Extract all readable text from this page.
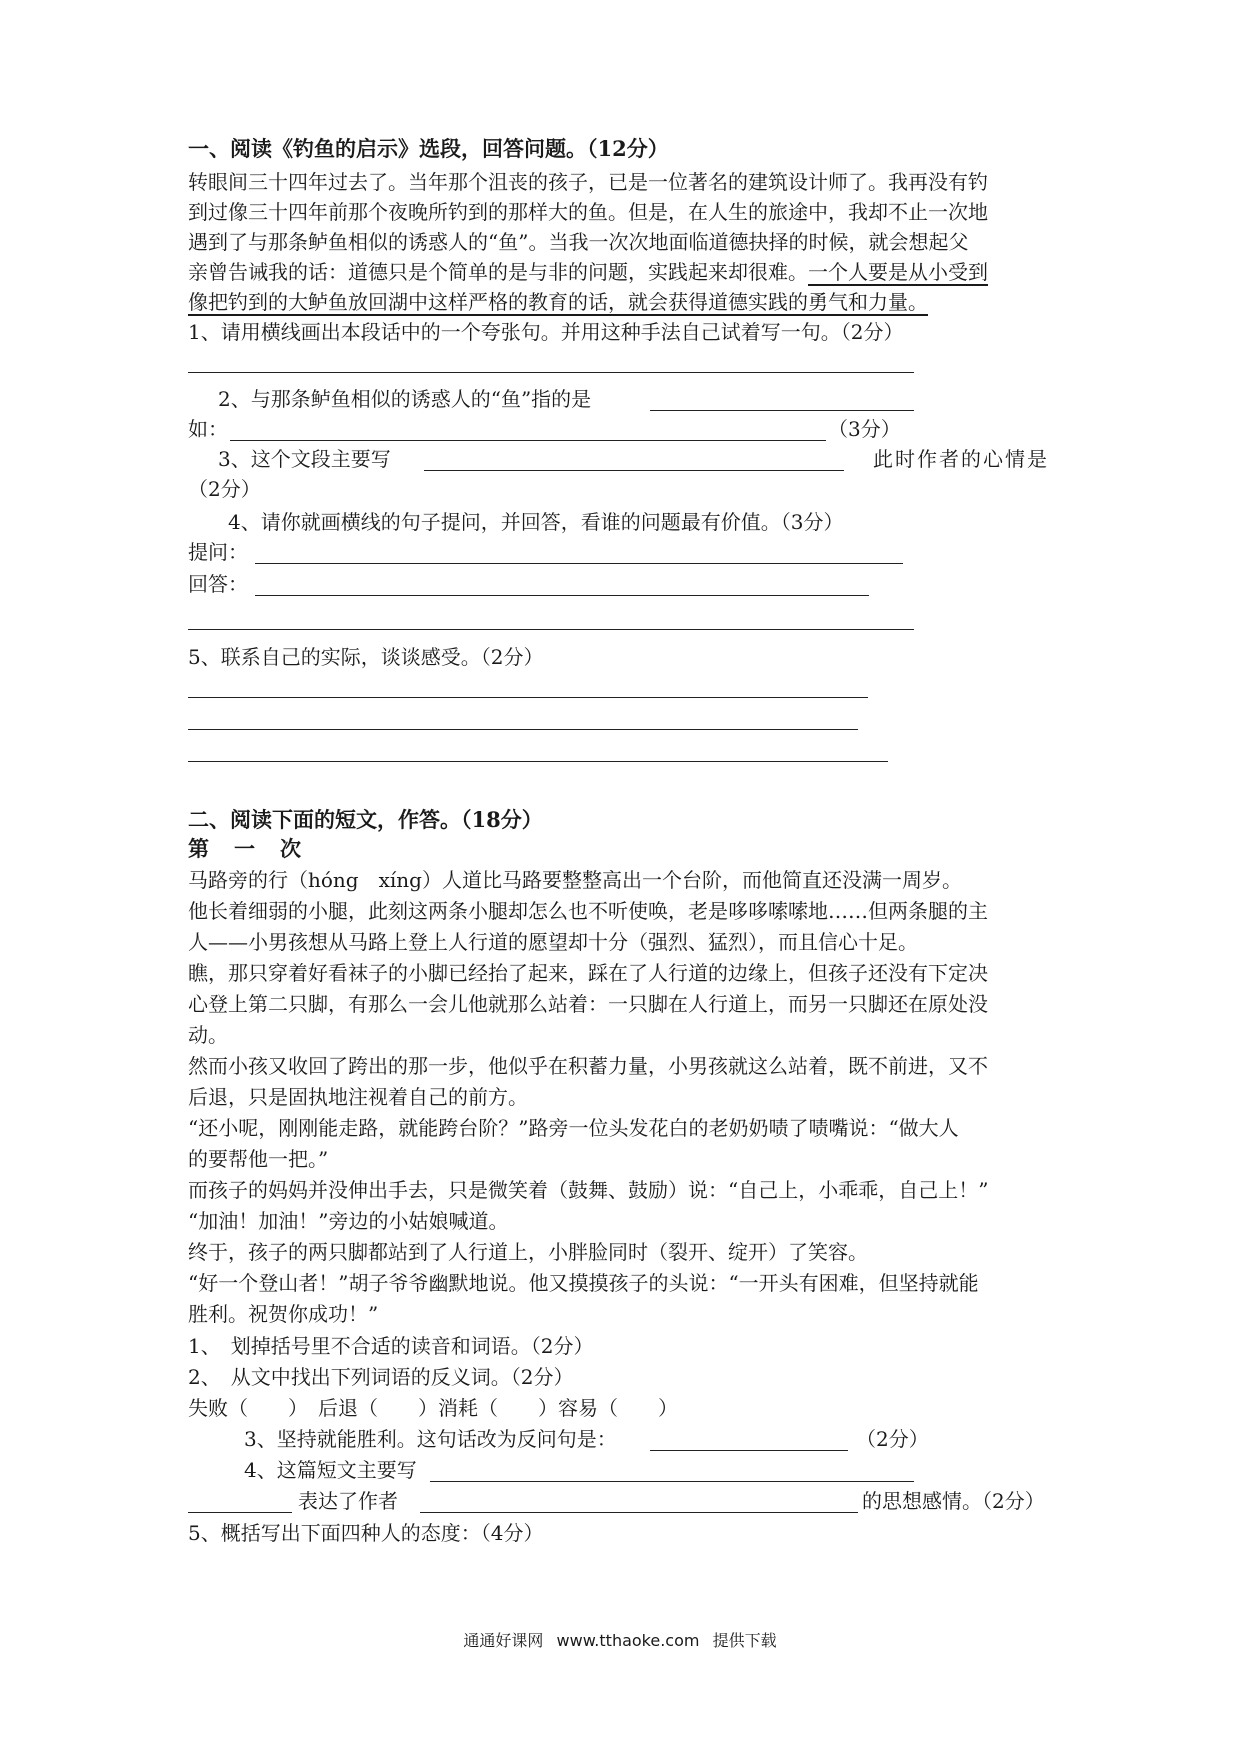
一、阅读《钓鱼的启示》选段，回答问题。（12分）
转眼间三十四年过去了。当年那个沮丧的孩子，已是一位著名的建筑设计师了。我再没有钓
到过像三十四年前那个夜晚所钓到的那样大的鱼。但是，在人生的旅途中，我却不止一次地
遇到了与那条鲈鱼相似的诱惑人的“鱼”。当我一次次地面临道德抉择的时候，就会想起父
亲曾告诫我的话：道德只是个简单的是与非的问题，实践起来却很难。一个人要是从小受到
像把钓到的大鲈鱼放回湖中这样严格的教育的话，就会获得道德实践的勇气和力量。
1、请用横线画出本段话中的一个夸张句。并用这种手法自己试着写一句。（2分）
2、与那条鲈鱼相似的诱惑人的“鱼”指的是
如：	（3分）
3、这个文段主要写	此时作者的心情是
（2分）
4、请你就画横线的句子提问，并回答，看谁的问题最有价值。（3分）
提问：
回答：
5、联系自己的实际，谈谈感受。（2分）
二、阅读下面的短文，作答。（18分）
第 一 次
马路旁的行（hóng　xíng）人道比马路要整整高出一个台阶，而他简直还没满一周岁。
他长着细弱的小腿，此刻这两条小腿却怎么也不听使唤，老是哆哆嗦嗦地……但两条腿的主
人——小男孩想从马路上登上人行道的愿望却十分（强烈、猛烈），而且信心十足。
瞧，那只穿着好看袜子的小脚已经抬了起来，踩在了人行道的边缘上，但孩子还没有下定决
心登上第二只脚，有那么一会儿他就那么站着：一只脚在人行道上，而另一只脚还在原处没
动。
然而小孩又收回了跨出的那一步，他似乎在积蓄力量，小男孩就这么站着，既不前进，又不
后退，只是固执地注视着自己的前方。
“还小呢，刚刚能走路，就能跨台阶？”路旁一位头发花白的老奶奶啧了啧嘴说：“做大人
的要帮他一把。”
而孩子的妈妈并没伸出手去，只是微笑着（鼓舞、鼓励）说：“自己上，小乖乖，自己上！”
“加油！加油！”旁边的小姑娘喊道。
终于，孩子的两只脚都站到了人行道上，小胖脸同时（裂开、绽开）了笑容。
“好一个登山者！”胡子爷爷幽默地说。他又摸摸孩子的头说：“一开头有困难，但坚持就能
胜利。祝贺你成功！”
1、　划掉括号里不合适的读音和词语。（2分）
2、　从文中找出下列词语的反义词。（2分）
失败（　　）　后退（　　）消耗（　　）容易（　　）
3、坚持就能胜利。这句话改为反问句是：	（2分）
4、这篇短文主要写
表达了作者	的思想感情。（2分）
5、概括写出下面四种人的态度：（4分）
通通好课网 www.tthaoke.com 提供下载
